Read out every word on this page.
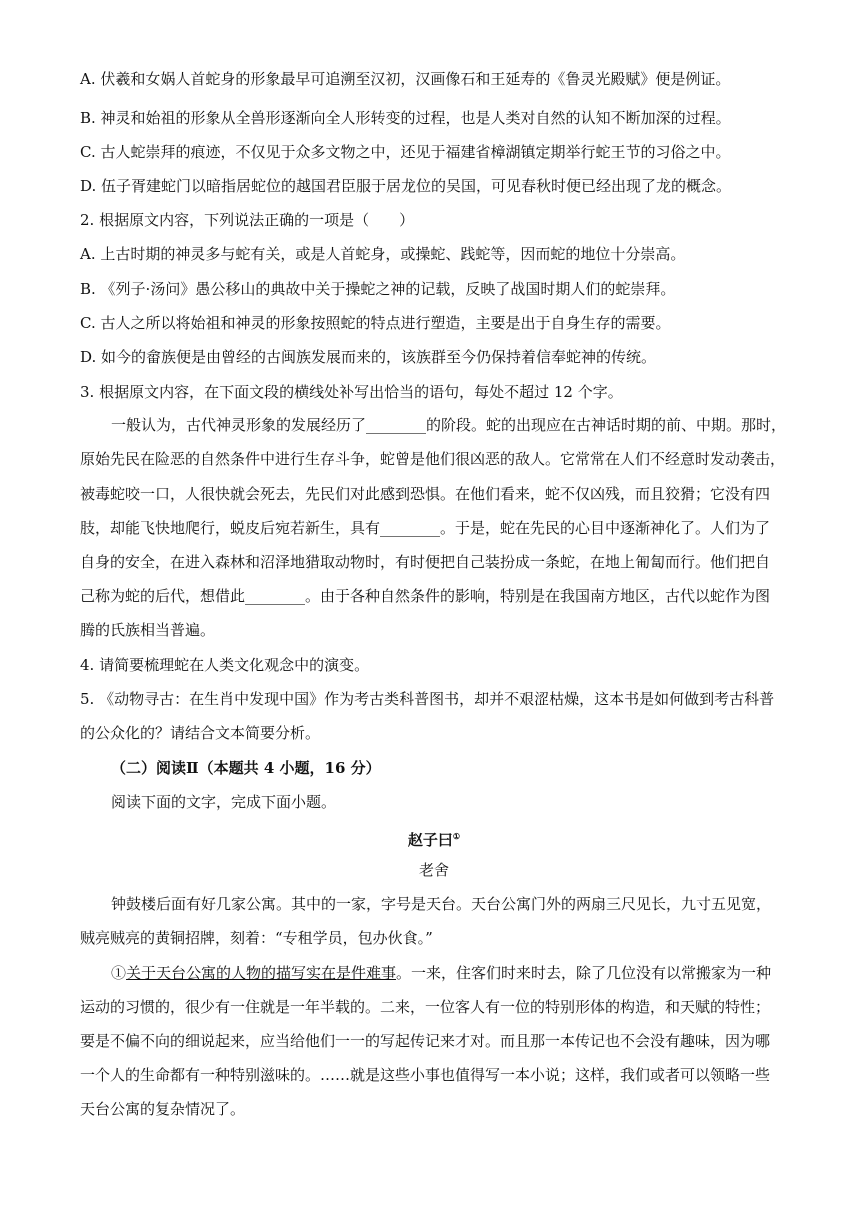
A. 伏羲和女娲人首蛇身的形象最早可追溯至汉初，汉画像石和王延寿的《鲁灵光殿赋》便是例证。
B. 神灵和始祖的形象从全兽形逐渐向全人形转变的过程，也是人类对自然的认知不断加深的过程。
C. 古人蛇崇拜的痕迹，不仅见于众多文物之中，还见于福建省樟湖镇定期举行蛇王节的习俗之中。
D. 伍子胥建蛇门以暗指居蛇位的越国君臣服于居龙位的吴国，可见春秋时便已经出现了龙的概念。
2. 根据原文内容，下列说法正确的一项是（　　）
A. 上古时期的神灵多与蛇有关，或是人首蛇身，或操蛇、践蛇等，因而蛇的地位十分崇高。
B. 《列子·汤问》愚公移山的典故中关于操蛇之神的记载，反映了战国时期人们的蛇崇拜。
C. 古人之所以将始祖和神灵的形象按照蛇的特点进行塑造，主要是出于自身生存的需要。
D. 如今的畲族便是由曾经的古闽族发展而来的，该族群至今仍保持着信奉蛇神的传统。
3. 根据原文内容，在下面文段的横线处补写出恰当的语句，每处不超过 12 个字。
一般认为，古代神灵形象的发展经历了________的阶段。蛇的出现应在古神话时期的前、中期。那时，
原始先民在险恶的自然条件中进行生存斗争，蛇曾是他们很凶恶的敌人。它常常在人们不经意时发动袭击，
被毒蛇咬一口，人很快就会死去，先民们对此感到恐惧。在他们看来，蛇不仅凶残，而且狡猾；它没有四
肢，却能飞快地爬行，蜕皮后宛若新生，具有________。于是，蛇在先民的心目中逐渐神化了。人们为了
自身的安全，在进入森林和沼泽地猎取动物时，有时便把自己装扮成一条蛇，在地上匍匐而行。他们把自
己称为蛇的后代，想借此________。由于各种自然条件的影响，特别是在我国南方地区，古代以蛇作为图
腾的氏族相当普遍。
4. 请简要梳理蛇在人类文化观念中的演变。
5. 《动物寻古：在生肖中发现中国》作为考古类科普图书，却并不艰涩枯燥，这本书是如何做到考古科普
的公众化的？请结合文本简要分析。
（二）阅读Ⅱ（本题共 4 小题，16 分）
阅读下面的文字，完成下面小题。
赵子曰①
老舍
钟鼓楼后面有好几家公寓。其中的一家，字号是天台。天台公寓门外的两扇三尺见长，九寸五见宽，
贼亮贼亮的黄铜招牌，刻着：“专租学员，包办伙食。”
①关于天台公寓的人物的描写实在是件难事。一来，住客们时来时去，除了几位没有以常搬家为一种
运动的习惯的，很少有一住就是一年半载的。二来，一位客人有一位的特别形体的构造，和天赋的特性；
要是不偏不向的细说起来，应当给他们一一的写起传记来才对。而且那一本传记也不会没有趣味，因为哪
一个人的生命都有一种特别滋味的。……就是这些小事也值得写一本小说；这样，我们或者可以领略一些
天台公寓的复杂情况了。
